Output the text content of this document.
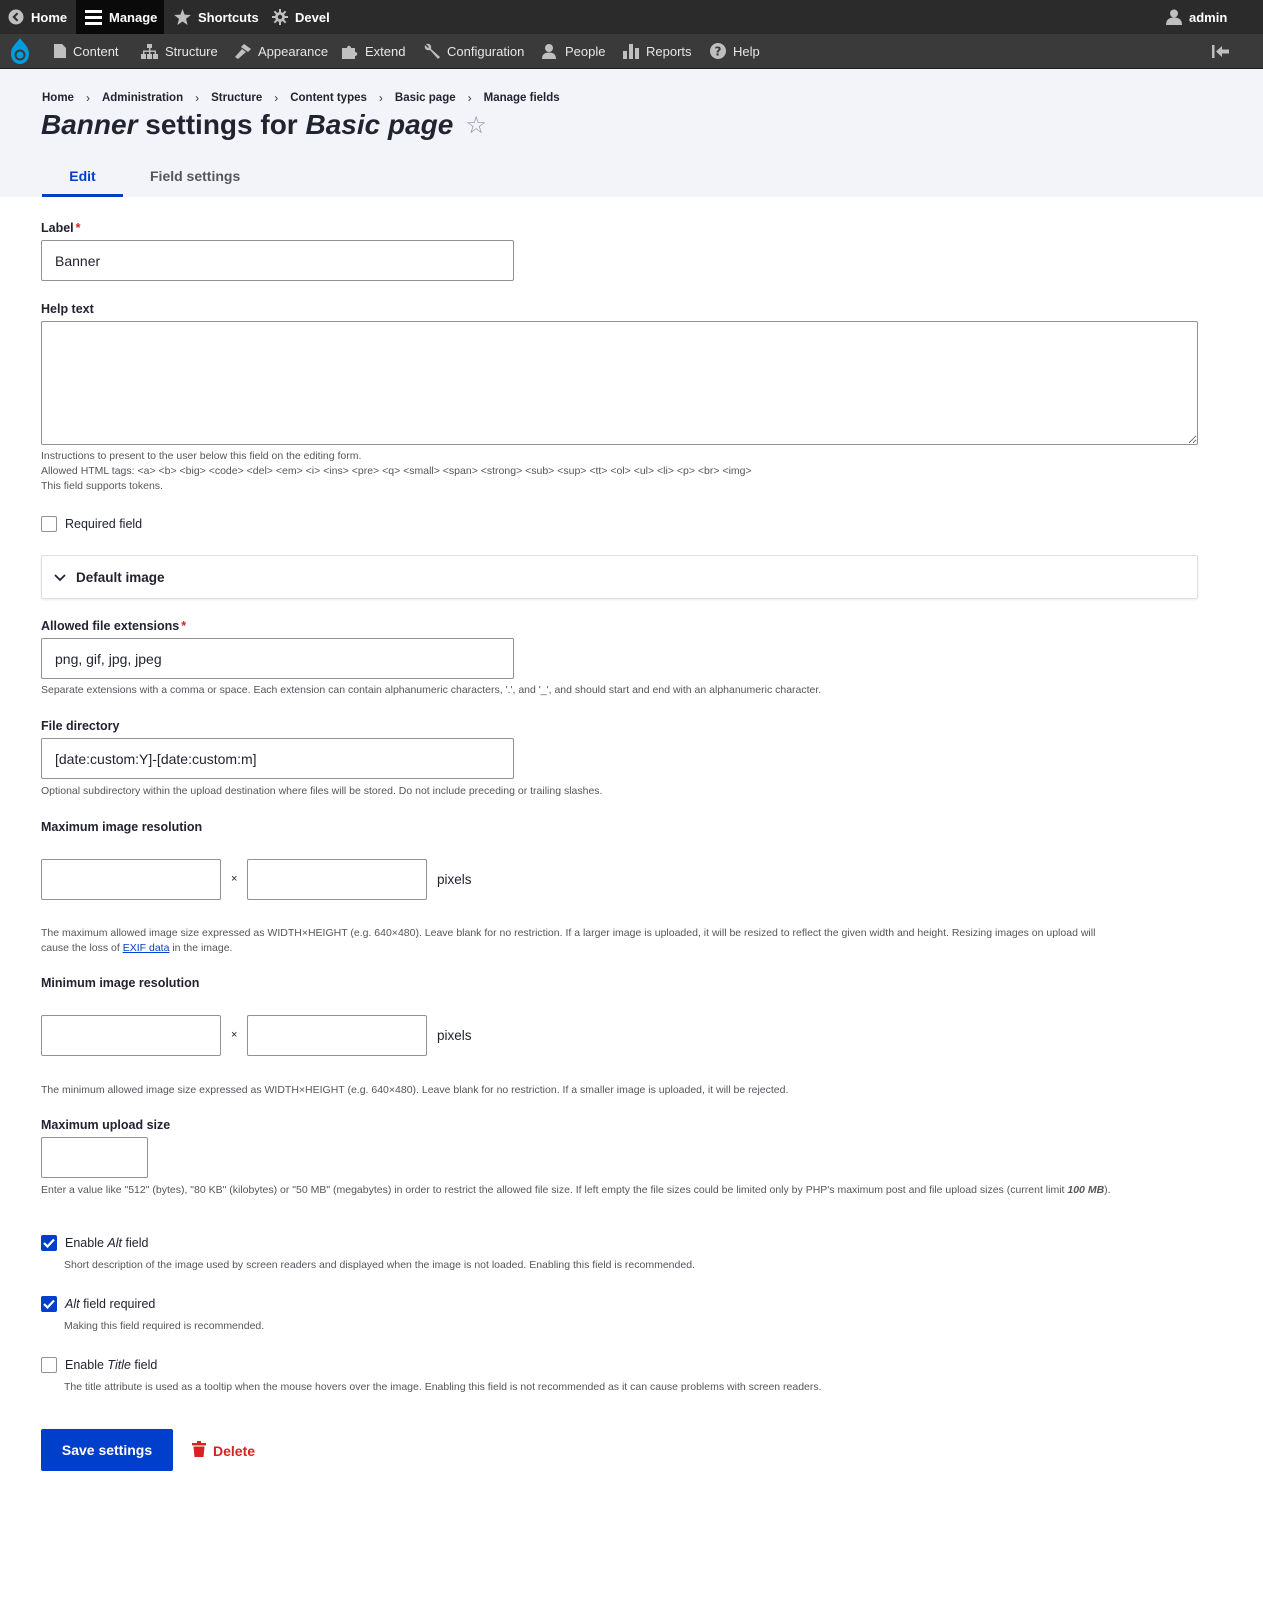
Home	Manage	Shortcuts	Devel	admin
Content	Structure	Appearance	Extend	Configuration	People	Reports ? Help
Home › Administration › Structure › Content types › Basic page › Manage fields
Banner
settings for
Basic page ☆
Edit	Field settings
Label *
Banner
Help text
Instructions to present to the user below this field on the editing form.
Allowed HTML tags: <a> <b> <big> <code> <del> <em> <i> <ins> <pre> <q> <small> <span> <strong> <sub> <sup> <tt> <ol> <ul> <li> <p> <br> <img>
This field supports tokens.
Required field
Default image
Allowed file extensions *
png, gif, jpg, jpeg
Separate extensions with a comma or space. Each extension can contain alphanumeric characters, '.', and '_', and should start and end with an alphanumeric character.
File directory
[date:custom:Y]-[date:custom:m]
Optional subdirectory within the upload destination where files will be stored. Do not include preceding or trailing slashes.
Maximum image resolution
×	pixels
The maximum allowed image size expressed as WIDTH×HEIGHT (e.g. 640×480). Leave blank for no restriction. If a larger image is uploaded, it will be resized to reflect the given width and height. Resizing images on upload will
cause the loss of EXIF data in the image.
Minimum image resolution
×	pixels
The minimum allowed image size expressed as WIDTH×HEIGHT (e.g. 640×480). Leave blank for no restriction. If a smaller image is uploaded, it will be rejected.
Maximum upload size
Enter a value like "512" (bytes), "80 KB" (kilobytes) or "50 MB" (megabytes) in order to restrict the allowed file size. If left empty the file sizes could be limited only by PHP's maximum post and file upload sizes (current limit 100 MB).
Enable Alt field
Short description of the image used by screen readers and displayed when the image is not loaded. Enabling this field is recommended.
Alt field required
Making this field required is recommended.
Enable Title field
The title attribute is used as a tooltip when the mouse hovers over the image. Enabling this field is not recommended as it can cause problems with screen readers.
Save settings	Delete
